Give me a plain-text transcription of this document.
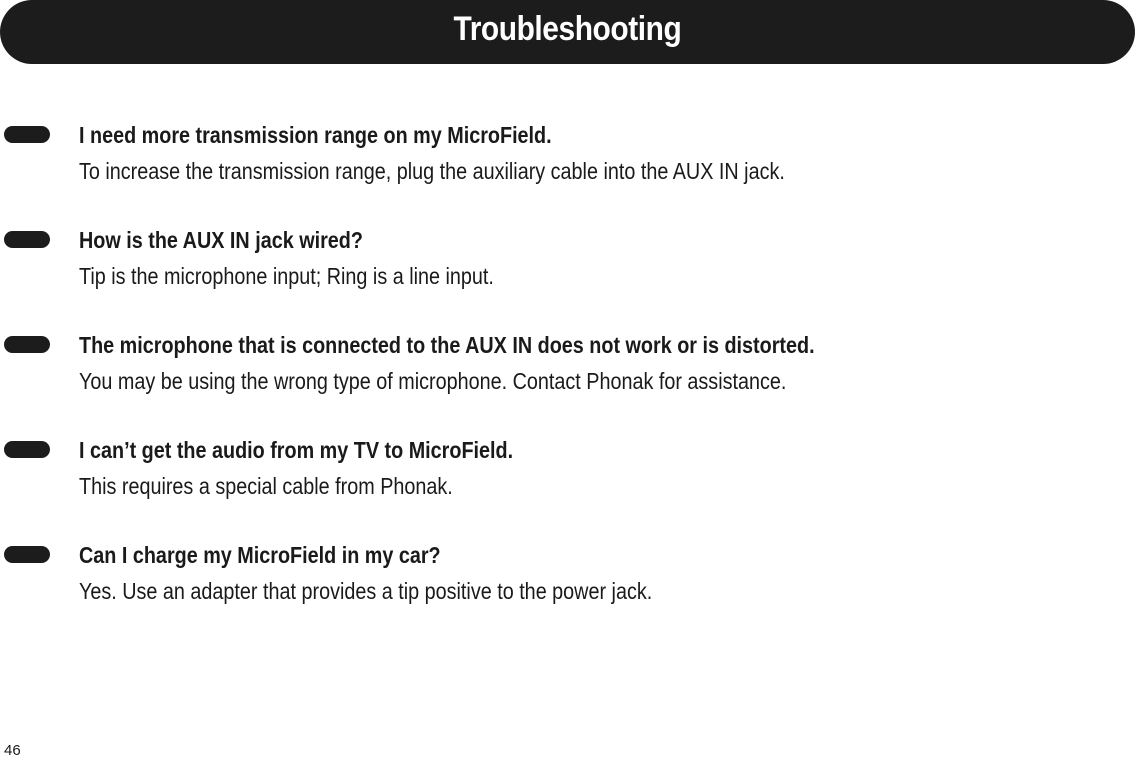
Troubleshooting
I need more transmission range on my MicroField.
To increase the transmission range, plug the auxiliary cable into the AUX IN jack.
How is the AUX IN jack wired?
Tip is the microphone input; Ring is a line input.
The microphone that is connected to the AUX IN does not work or is distorted.
You may be using the wrong type of microphone. Contact Phonak for assistance.
I can’t get the audio from my TV to MicroField.
This requires a special cable from Phonak.
Can I charge my MicroField in my car?
Yes. Use an adapter that provides a tip positive to the power jack.
46
